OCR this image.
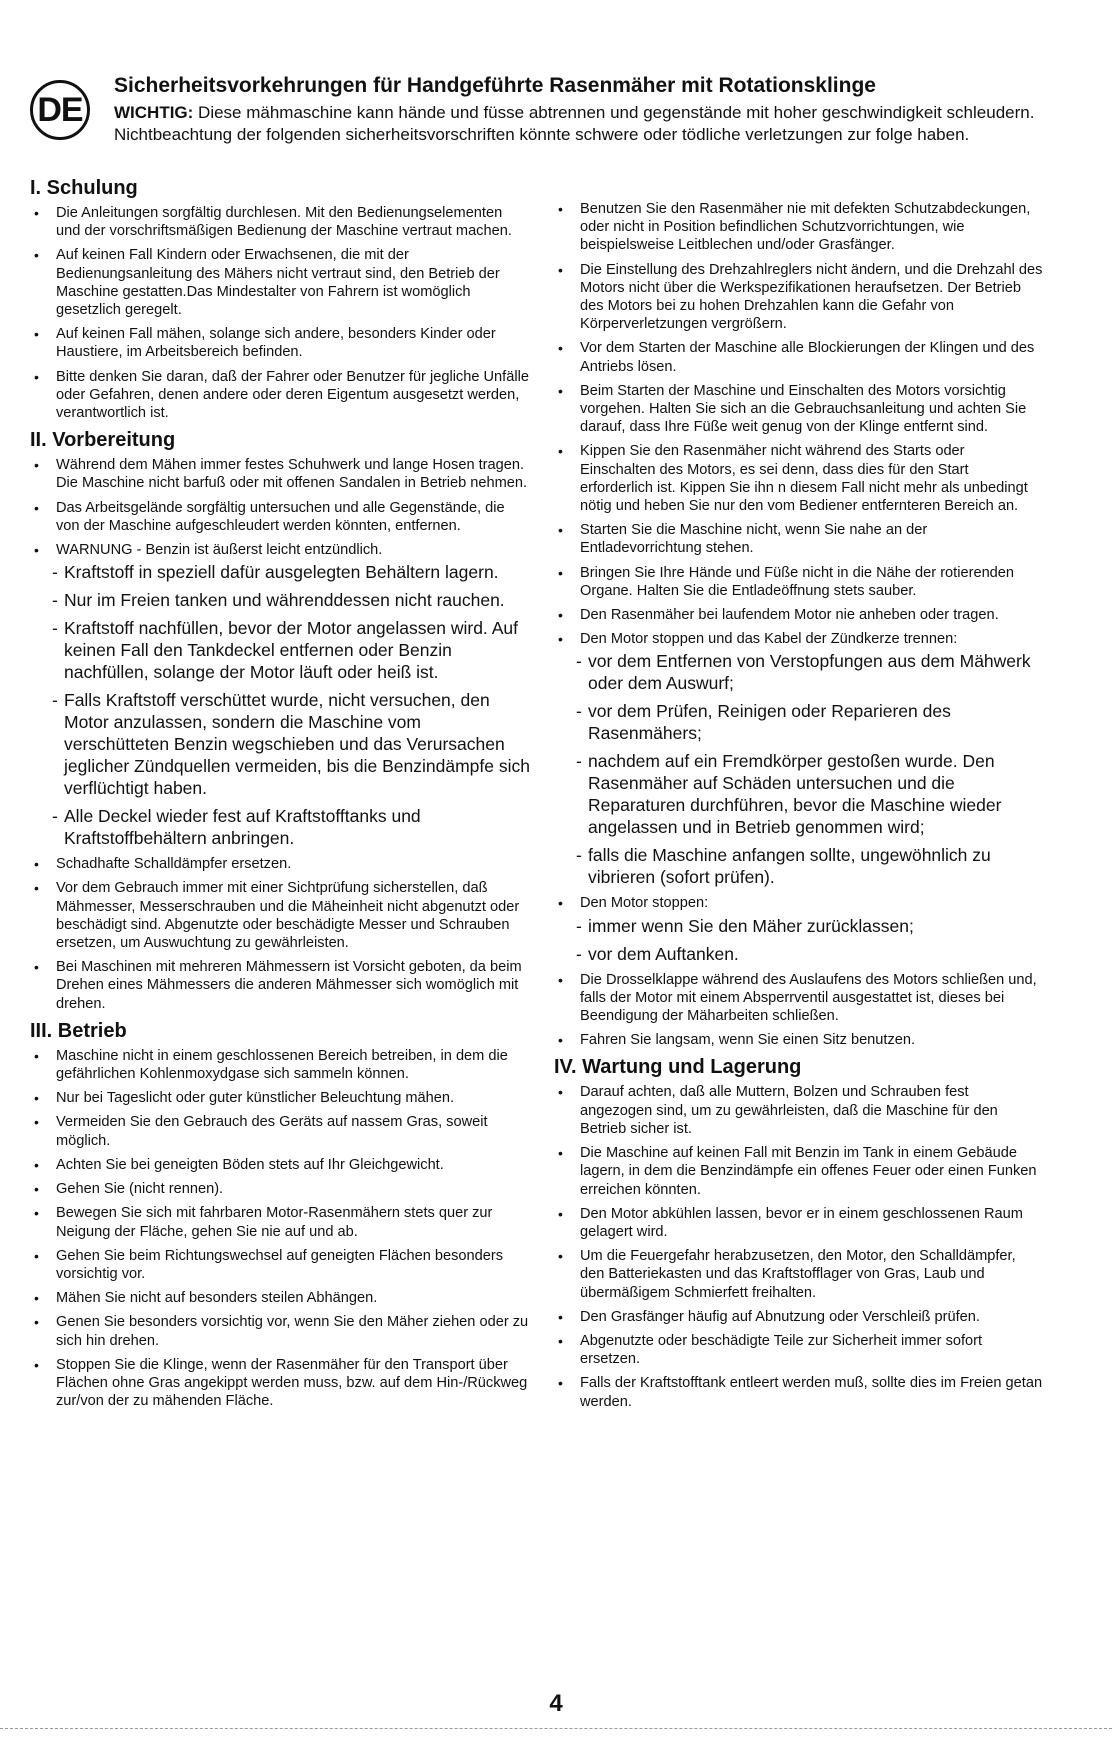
DE

Sicherheitsvorkehrungen für Handgeführte Rasenmäher mit Rotationsklinge

WICHTIG: Diese mähmaschine kann hände und füsse abtrennen und gegenstände mit hoher geschwindigkeit schleudern. Nichtbeachtung der folgenden sicherheitsvorschriften könnte schwere oder tödliche verletzungen zur folge haben.

I. Schulung
• Die Anleitungen sorgfältig durchlesen. Mit den Bedienungselementen und der vorschriftsmäßigen Bedienung der Maschine vertraut machen.
• Auf keinen Fall Kindern oder Erwachsenen, die mit der Bedienungsanleitung des Mähers nicht vertraut sind, den Betrieb der Maschine gestatten.Das Mindestalter von Fahrern ist womöglich gesetzlich geregelt.
• Auf keinen Fall mähen, solange sich andere, besonders Kinder oder Haustiere, im Arbeitsbereich befinden.
• Bitte denken Sie daran, daß der Fahrer oder Benutzer für jegliche Unfälle oder Gefahren, denen andere oder deren Eigentum ausgesetzt werden, verantwortlich ist.
II. Vorbereitung
• Während dem Mähen immer festes Schuhwerk und lange Hosen tragen. Die Maschine nicht barfuß oder mit offenen Sandalen in Betrieb nehmen.
• Das Arbeitsgelände sorgfältig untersuchen und alle Gegenstände, die von der Maschine aufgeschleudert werden könnten, entfernen.
• WARNUNG - Benzin ist äußerst leicht entzündlich.
- Kraftstoff in speziell dafür ausgelegten Behältern lagern.
- Nur im Freien tanken und währenddessen nicht rauchen.
- Kraftstoff nachfüllen, bevor der Motor angelassen wird. Auf keinen Fall den Tankdeckel entfernen oder Benzin nachfüllen, solange der Motor läuft oder heiß ist.
- Falls Kraftstoff verschüttet wurde, nicht versuchen, den Motor anzulassen, sondern die Maschine vom verschütteten Benzin wegschieben und das Verursachen jeglicher Zündquellen vermeiden, bis die Benzindämpfe sich verflüchtigt haben.
- Alle Deckel wieder fest auf Kraftstofftanks und Kraftstoffbehältern anbringen.
• Schadhafte Schalldämpfer ersetzen.
• Vor dem Gebrauch immer mit einer Sichtprüfung sicherstellen, daß Mähmesser, Messerschrauben und die Mäheinheit nicht abgenutzt oder beschädigt sind. Abgenutzte oder beschädigte Messer und Schrauben ersetzen, um Auswuchtung zu gewährleisten.
• Bei Maschinen mit mehreren Mähmessern ist Vorsicht geboten, da beim Drehen eines Mähmessers die anderen Mähmesser sich womöglich mit drehen.
III. Betrieb
• Maschine nicht in einem geschlossenen Bereich betreiben, in dem die gefährlichen Kohlenmoxydgase sich sammeln können.
• Nur bei Tageslicht oder guter künstlicher Beleuchtung mähen.
• Vermeiden Sie den Gebrauch des Geräts auf nassem Gras, soweit möglich.
• Achten Sie bei geneigten Böden stets auf Ihr Gleichgewicht.
• Gehen Sie (nicht rennen).
• Bewegen Sie sich mit fahrbaren Motor-Rasenmähern stets quer zur Neigung der Fläche, gehen Sie nie auf und ab.
• Gehen Sie beim Richtungswechsel auf geneigten Flächen besonders vorsichtig vor.
• Mähen Sie nicht auf besonders steilen Abhängen.
• Genen Sie besonders vorsichtig vor, wenn Sie den Mäher ziehen oder zu sich hin drehen.
• Stoppen Sie die Klinge, wenn der Rasenmäher für den Transport über Flächen ohne Gras angekippt werden muss, bzw. auf dem Hin-/Rückweg zur/von der zu mähenden Fläche.
• Benutzen Sie den Rasenmäher nie mit defekten Schutzabdeckungen, oder nicht in Position befindlichen Schutzvorrichtungen, wie beispielsweise Leitblechen und/oder Grasfänger.
• Die Einstellung des Drehzahlreglers nicht ändern, und die Drehzahl des Motors nicht über die Werkspezifikationen heraufsetzen. Der Betrieb des Motors bei zu hohen Drehzahlen kann die Gefahr von Körperverletzungen vergrößern.
• Vor dem Starten der Maschine alle Blockierungen der Klingen und des Antriebs lösen.
• Beim Starten der Maschine und Einschalten des Motors vorsichtig vorgehen. Halten Sie sich an die Gebrauchsanleitung und achten Sie darauf, dass Ihre Füße weit genug von der Klinge entfernt sind.
• Kippen Sie den Rasenmäher nicht während des Starts oder Einschalten des Motors, es sei denn, dass dies für den Start erforderlich ist. Kippen Sie ihn n diesem Fall nicht mehr als unbedingt nötig und heben Sie nur den vom Bediener entfernteren Bereich an.
• Starten Sie die Maschine nicht, wenn Sie nahe an der Entladevorrichtung stehen.
• Bringen Sie Ihre Hände und Füße nicht in die Nähe der rotierenden Organe. Halten Sie die Entladeöffnung stets sauber.
• Den Rasenmäher bei laufendem Motor nie anheben oder tragen.
• Den Motor stoppen und das Kabel der Zündkerze trennen:
- vor dem Entfernen von Verstopfungen aus dem Mähwerk oder dem Auswurf;
- vor dem Prüfen, Reinigen oder Reparieren des Rasenmähers;
- nachdem auf ein Fremdkörper gestoßen wurde. Den Rasenmäher auf Schäden untersuchen und die Reparaturen durchführen, bevor die Maschine wieder angelassen und in Betrieb genommen wird;
- falls die Maschine anfangen sollte, ungewöhnlich zu vibrieren (sofort prüfen).
• Den Motor stoppen:
- immer wenn Sie den Mäher zurücklassen;
- vor dem Auftanken.
• Die Drosselklappe während des Auslaufens des Motors schließen und, falls der Motor mit einem Absperrventil ausgestattet ist, dieses bei Beendigung der Mäharbeiten schließen.
• Fahren Sie langsam, wenn Sie einen Sitz benutzen.
IV. Wartung und Lagerung
• Darauf achten, daß alle Muttern, Bolzen und Schrauben fest angezogen sind, um zu gewährleisten, daß die Maschine für den Betrieb sicher ist.
• Die Maschine auf keinen Fall mit Benzin im Tank in einem Gebäude lagern, in dem die Benzindämpfe ein offenes Feuer oder einen Funken erreichen könnten.
• Den Motor abkühlen lassen, bevor er in einem geschlossenen Raum gelagert wird.
• Um die Feuergefahr herabzusetzen, den Motor, den Schalldämpfer, den Batteriekasten und das Kraftstofflager von Gras, Laub und übermäßigem Schmierfett freihalten.
• Den Grasfänger häufig auf Abnutzung oder Verschleiß prüfen.
• Abgenutzte oder beschädigte Teile zur Sicherheit immer sofort ersetzen.
• Falls der Kraftstofftank entleert werden muß, sollte dies im Freien getan werden.
4
